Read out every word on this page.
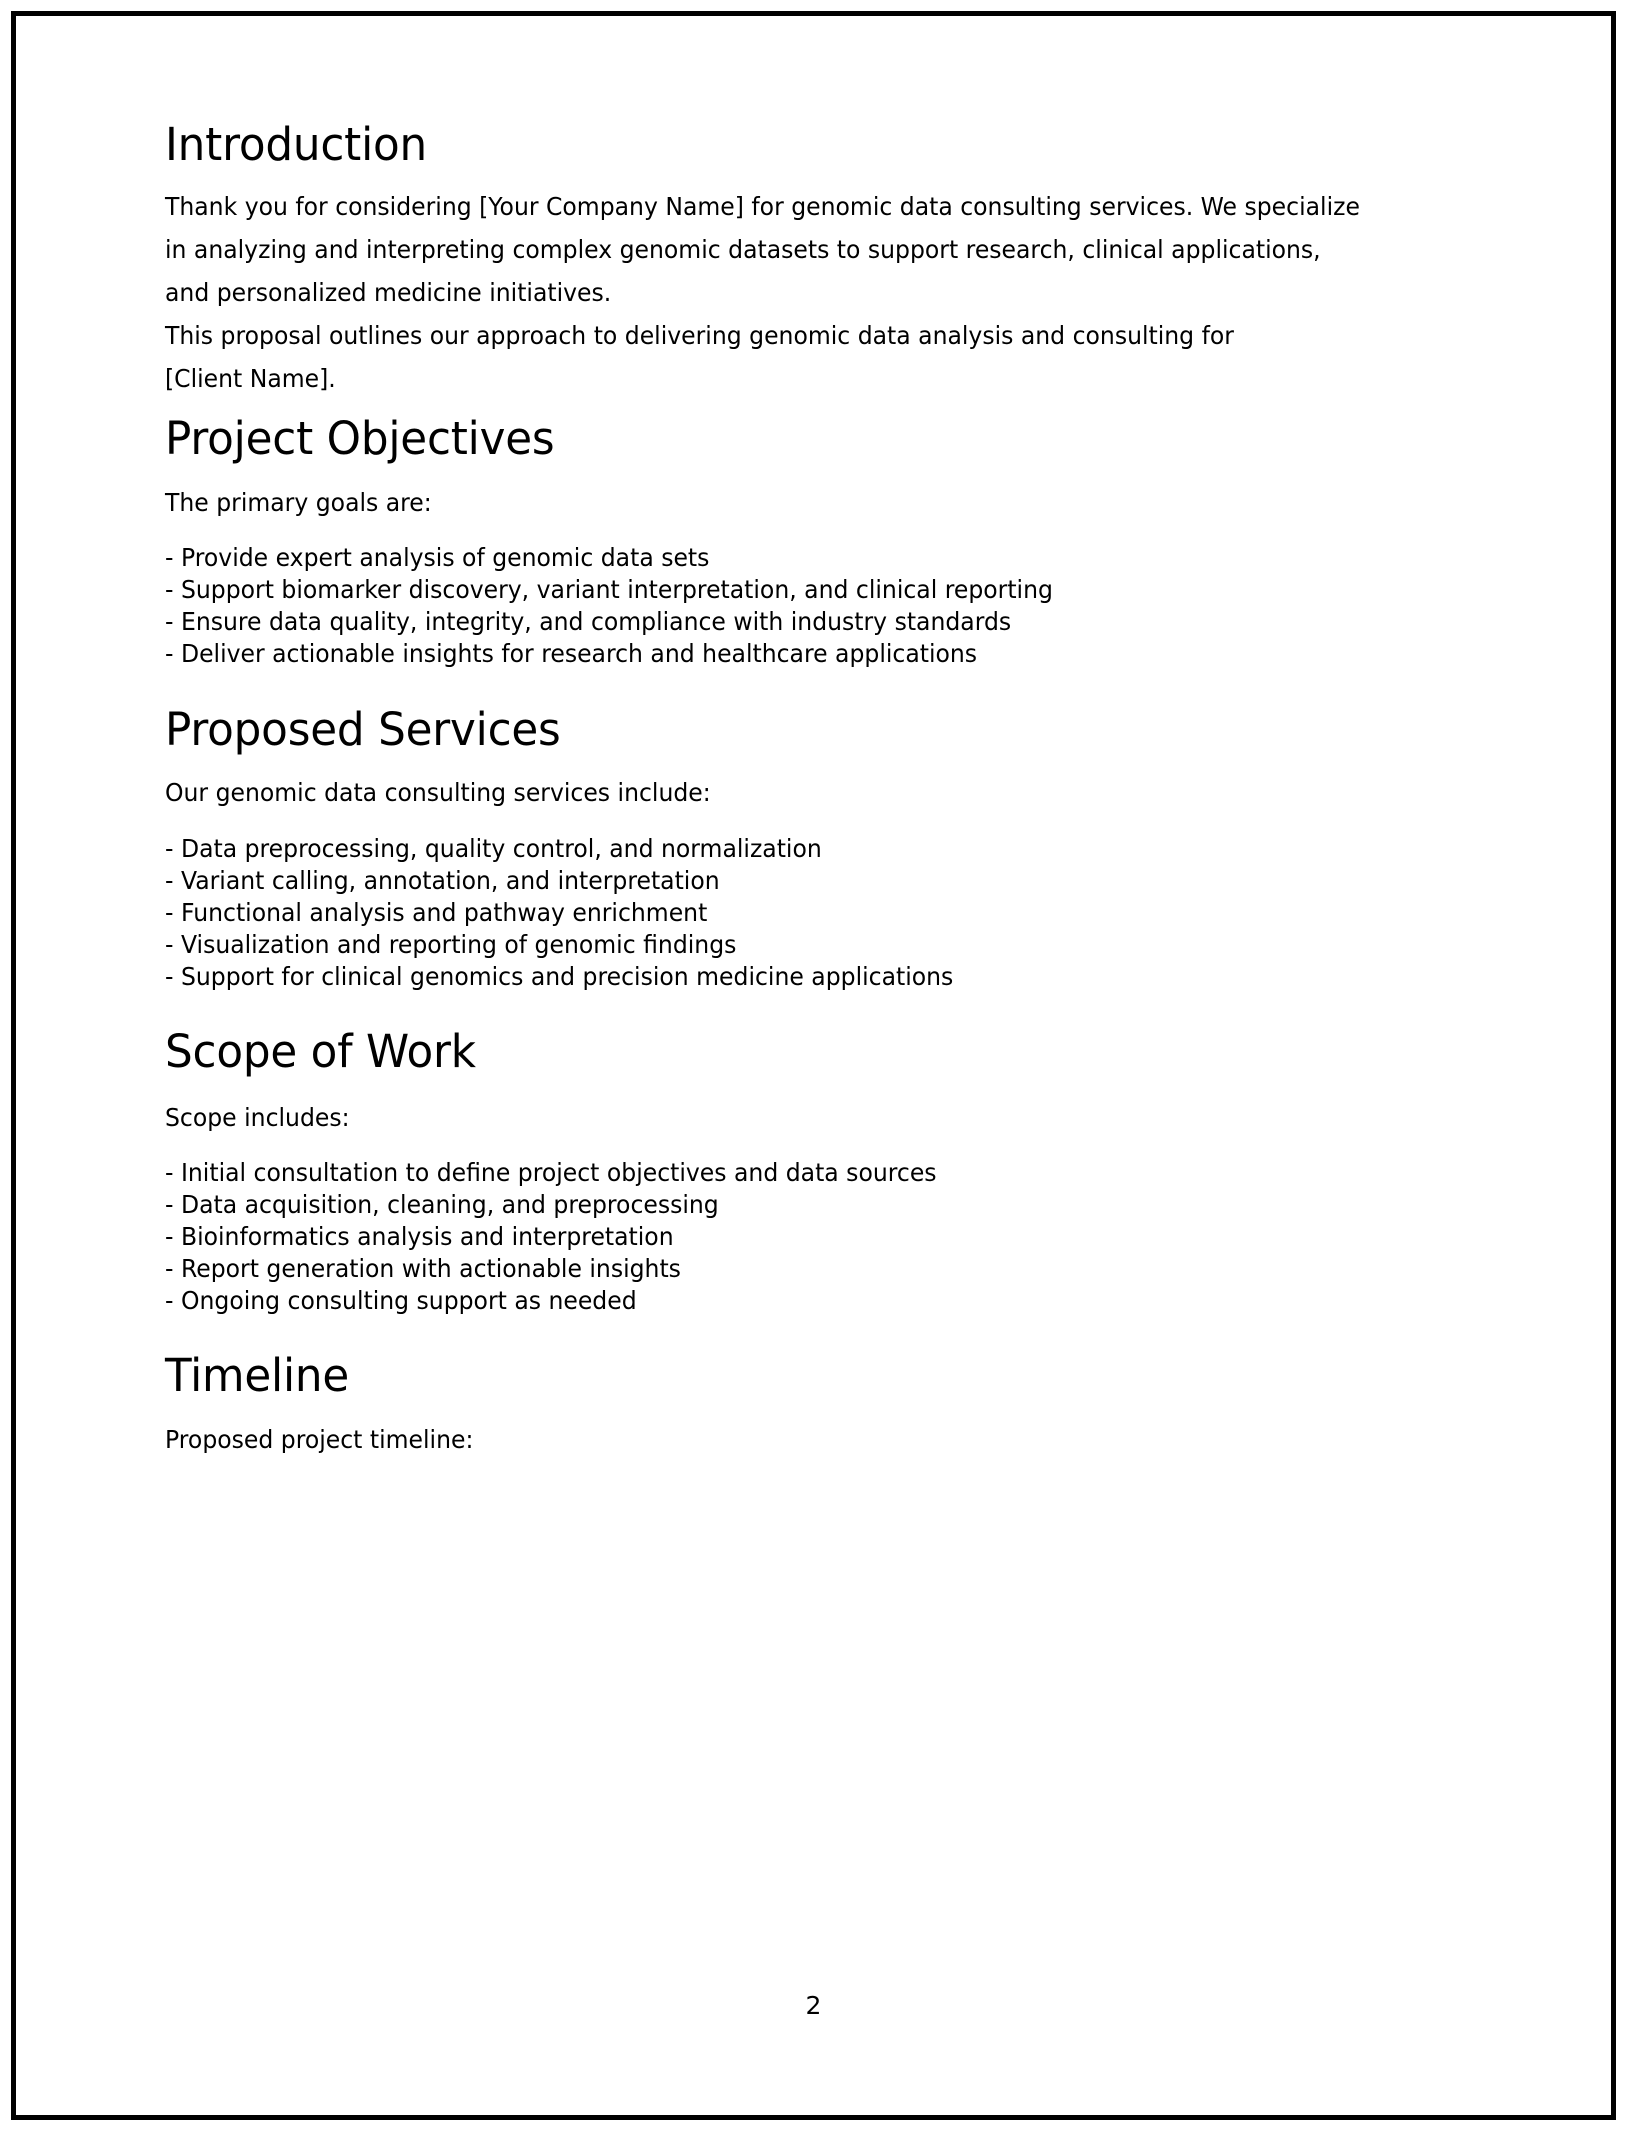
Introduction

Thank you for considering [Your Company Name] for genomic data consulting services. We specialize in analyzing and interpreting complex genomic datasets to support research, clinical applications, and personalized medicine initiatives.

This proposal outlines our approach to delivering genomic data analysis and consulting for [Client Name].

Project Objectives

The primary goals are:

- Provide expert analysis of genomic data sets
- Support biomarker discovery, variant interpretation, and clinical reporting
- Ensure data quality, integrity, and compliance with industry standards
- Deliver actionable insights for research and healthcare applications
Proposed Services

Our genomic data consulting services include:

- Data preprocessing, quality control, and normalization
- Variant calling, annotation, and interpretation
- Functional analysis and pathway enrichment
- Visualization and reporting of genomic findings
- Support for clinical genomics and precision medicine applications
Scope of Work

Scope includes:

- Initial consultation to define project objectives and data sources
- Data acquisition, cleaning, and preprocessing
- Bioinformatics analysis and interpretation
- Report generation with actionable insights
- Ongoing consulting support as needed
Timeline

Proposed project timeline:

2
